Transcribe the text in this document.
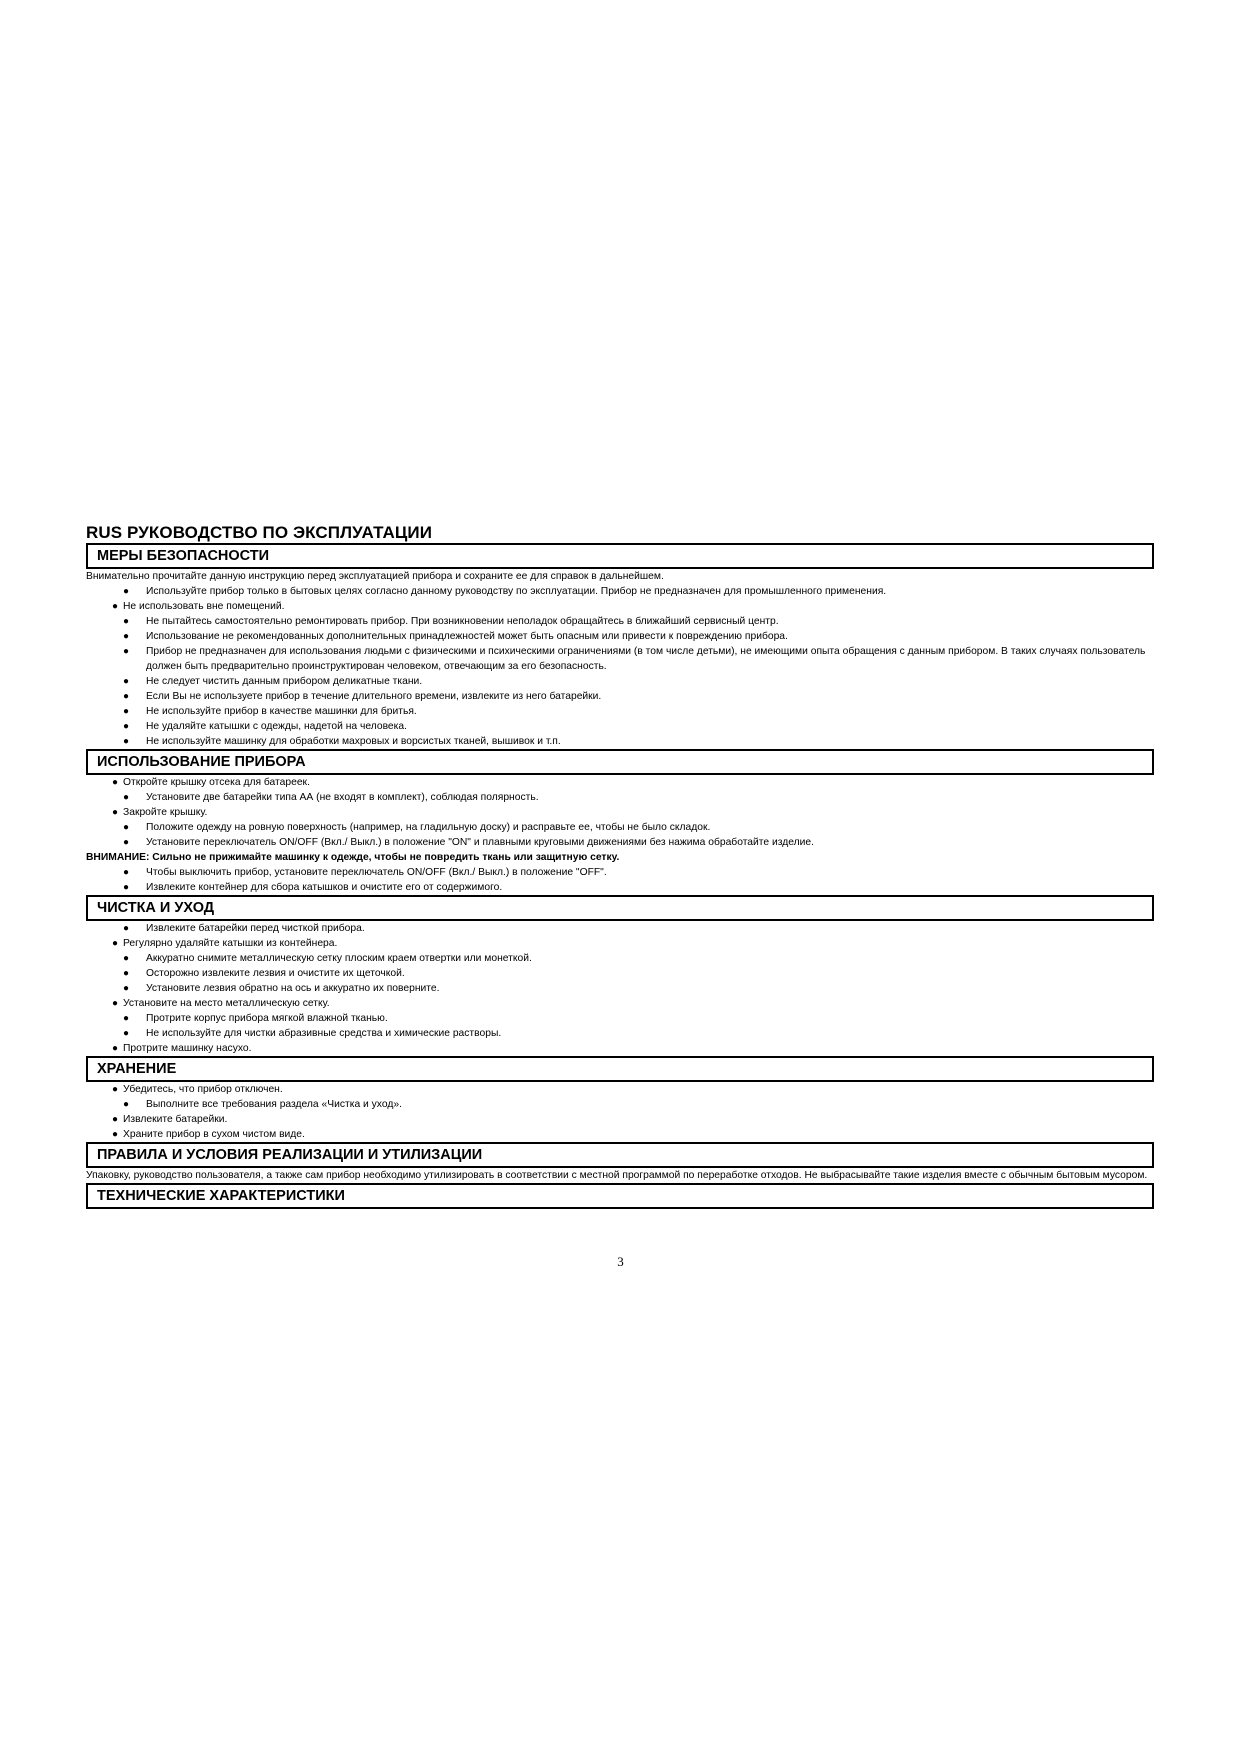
RUS РУКОВОДСТВО ПО ЭКСПЛУАТАЦИИ
МЕРЫ БЕЗОПАСНОСТИ
Внимательно прочитайте данную инструкцию перед эксплуатацией прибора и сохраните ее для справок в дальнейшем.
● Используйте прибор только в бытовых целях согласно данному руководству по эксплуатации. Прибор не предназначен для промышленного применения.
● Не использовать вне помещений.
● Не пытайтесь самостоятельно ремонтировать прибор. При возникновении неполадок обращайтесь в ближайший сервисный центр.
● Использование не рекомендованных дополнительных принадлежностей может быть опасным или привести к повреждению прибора.
● Прибор не предназначен для использования людьми с физическими и психическими ограничениями (в том числе детьми), не имеющими опыта обращения с данным прибором. В таких случаях пользователь должен быть предварительно проинструктирован человеком, отвечающим за его безопасность.
● Не следует чистить данным прибором деликатные ткани.
● Если Вы не используете прибор в течение длительного времени, извлеките из него батарейки.
● Не используйте прибор в качестве машинки для бритья.
● Не удаляйте катышки с одежды, надетой на человека.
● Не используйте машинку для обработки махровых и ворсистых тканей, вышивок и т.п.
ИСПОЛЬЗОВАНИЕ ПРИБОРА
● Откройте крышку отсека для батареек.
● Установите две батарейки типа АА (не входят в комплект), соблюдая полярность.
● Закройте крышку.
● Положите одежду на ровную поверхность (например, на гладильную доску) и расправьте ее, чтобы не было складок.
● Установите переключатель ON/OFF (Вкл./ Выкл.) в положение "ON" и плавными круговыми движениями без нажима обработайте изделие.
ВНИМАНИЕ: Сильно не прижимайте машинку к одежде, чтобы не повредить ткань или защитную сетку.
● Чтобы выключить прибор, установите переключатель ON/OFF (Вкл./ Выкл.) в положение "OFF".
● Извлеките контейнер для сбора катышков и очистите его от содержимого.
ЧИСТКА И УХОД
● Извлеките батарейки перед чисткой прибора.
● Регулярно удаляйте катышки из контейнера.
● Аккуратно снимите металлическую сетку плоским краем отвертки или монеткой.
● Осторожно извлеките лезвия и очистите их щеточкой.
● Установите лезвия обратно на ось и аккуратно их поверните.
● Установите на место металлическую сетку.
● Протрите корпус прибора мягкой влажной тканью.
● Не используйте для чистки абразивные средства и химические растворы.
● Протрите машинку насухо.
ХРАНЕНИЕ
● Убедитесь, что прибор отключен.
● Выполните все требования раздела «Чистка и уход».
● Извлеките батарейки.
● Храните прибор в сухом чистом виде.
ПРАВИЛА И УСЛОВИЯ РЕАЛИЗАЦИИ И УТИЛИЗАЦИИ
Упаковку, руководство пользователя, а также сам прибор необходимо утилизировать в соответствии с местной программой по переработке отходов. Не выбрасывайте такие изделия вместе с обычным бытовым мусором.
ТЕХНИЧЕСКИЕ ХАРАКТЕРИСТИКИ
3
